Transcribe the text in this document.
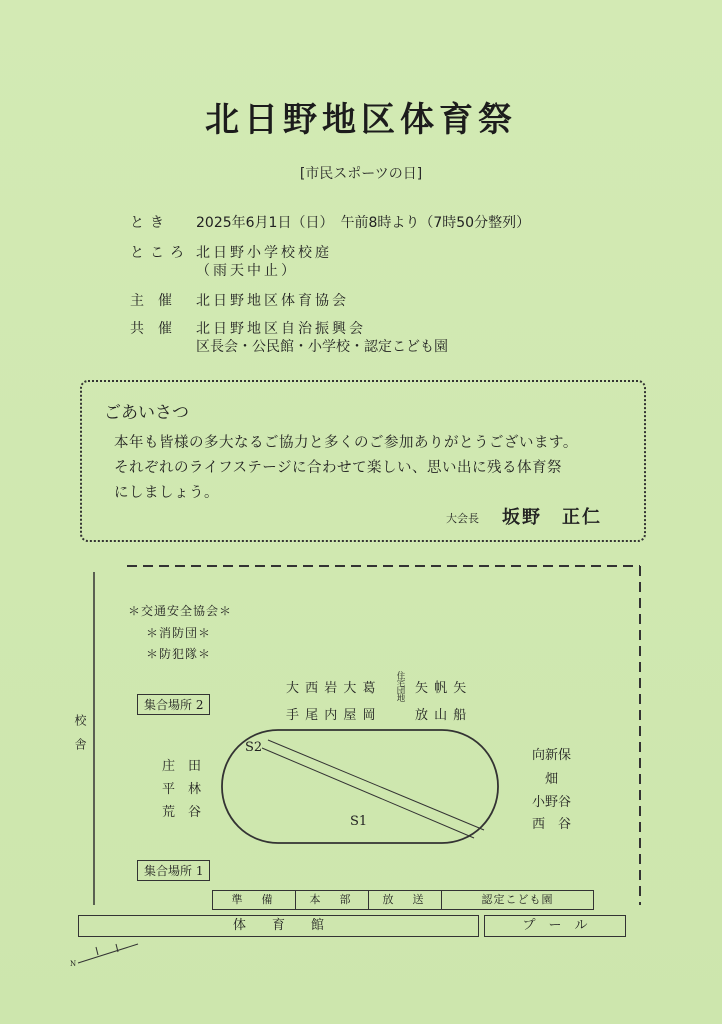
北日野地区体育祭
[市民スポーツの日]
とき 2025年6月1日（日）　午前8時より（7時50分整列）
ところ 北日野小学校校庭
（雨天中止）
主催 北日野地区体育協会
共催 北日野地区自治振興会
区長会・公民館・小学校・認定こども園
ごあいさつ
本年も皆様の多大なるご協力と多くのご参加ありがとうございます。
それぞれのライフステージに合わせて楽しい、思い出に残る体育祭
にしましょう。
大会長 坂野　正仁
校舎
＊交通安全協会＊
＊消防団＊
＊防犯隊＊
集合場所 2
集合場所 1
大 西 岩 大 葛
手 尾 内 屋 岡
住宅団地 矢 帆 矢
放 山 船
庄　田
平　林
荒　谷
向新保
畑
小野谷
西　谷
S2
S1
準　備	本　部	放　送	認定こども園
体　　育　　館	プ　ー　ル
N
